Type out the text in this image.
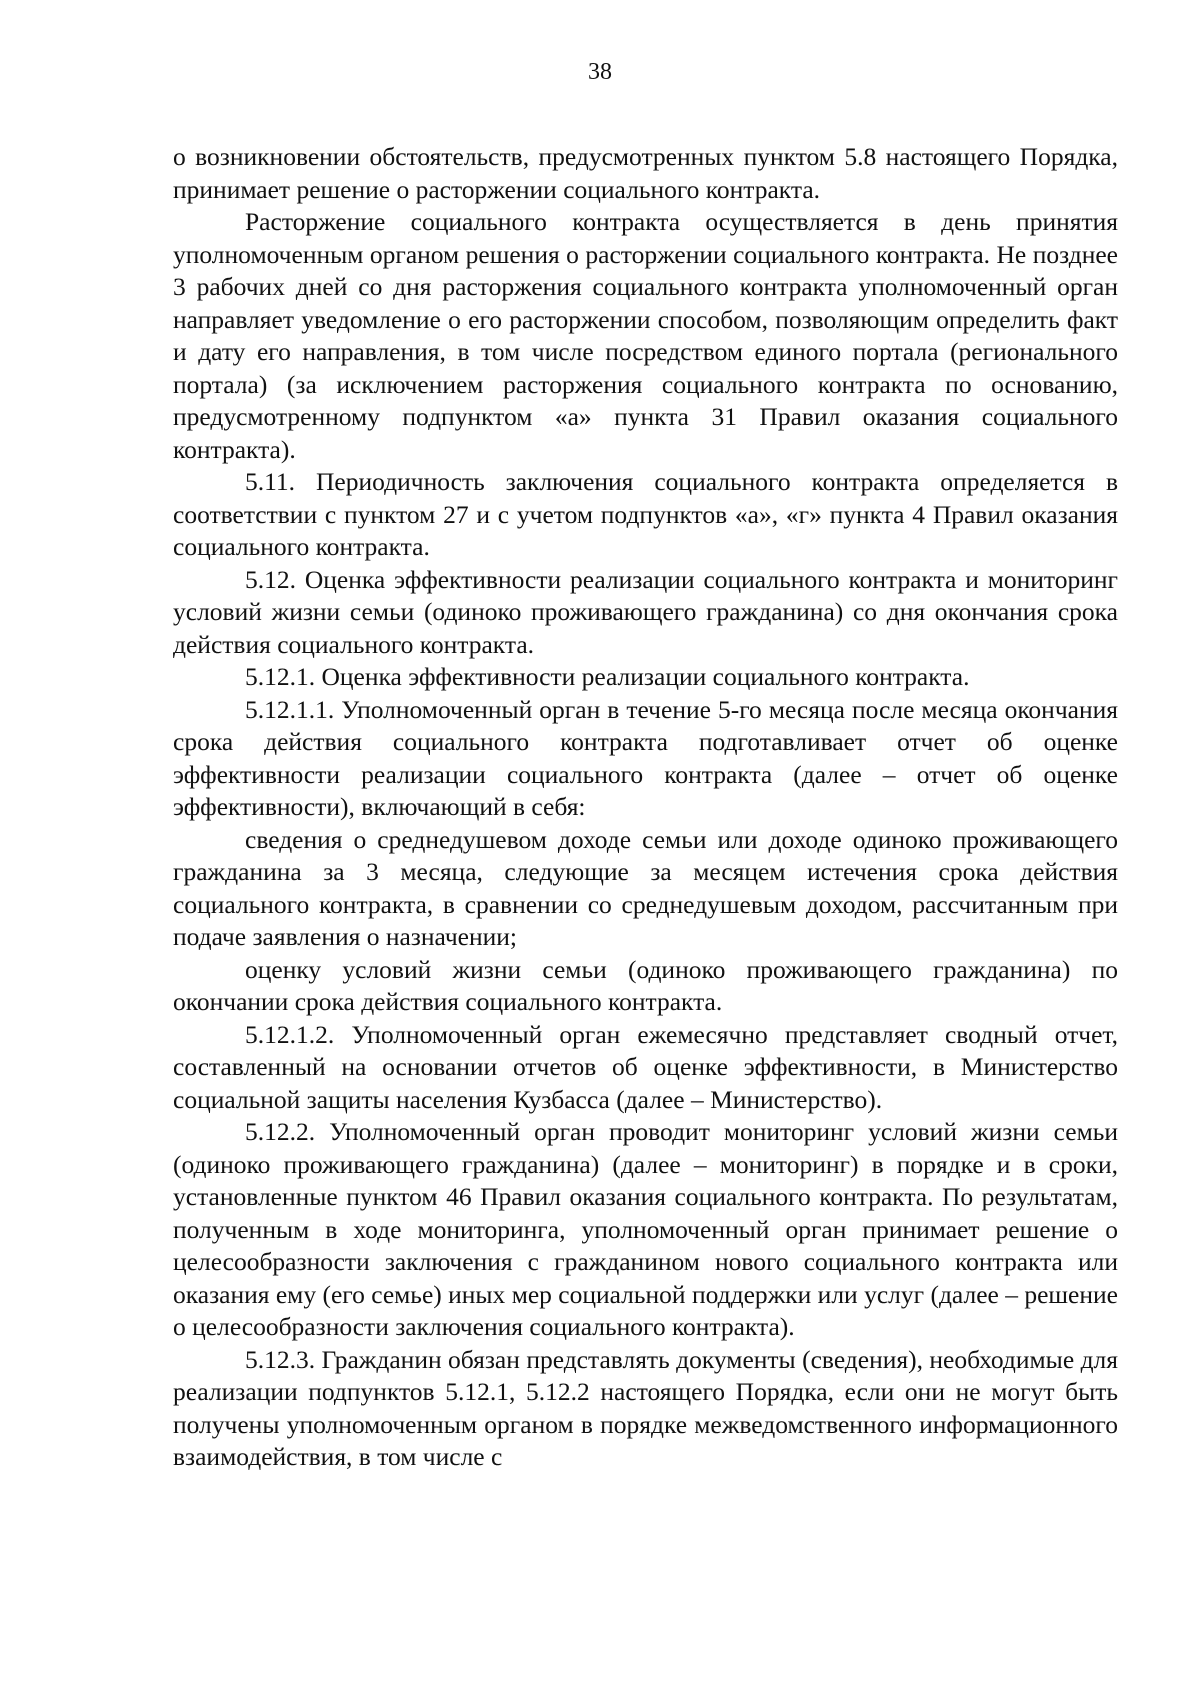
38

о возникновении обстоятельств, предусмотренных пунктом 5.8 настоящего Порядка, принимает решение о расторжении социального контракта.

Расторжение социального контракта осуществляется в день принятия уполномоченным органом решения о расторжении социального контракта. Не позднее 3 рабочих дней со дня расторжения социального контракта уполномоченный орган направляет уведомление о его расторжении способом, позволяющим определить факт и дату его направления, в том числе посредством единого портала (регионального портала) (за исключением расторжения социального контракта по основанию, предусмотренному подпунктом «а» пункта 31 Правил оказания социального контракта).

5.11. Периодичность заключения социального контракта определяется в соответствии с пунктом 27 и с учетом подпунктов «а», «г» пункта 4 Правил оказания социального контракта.

5.12. Оценка эффективности реализации социального контракта и мониторинг условий жизни семьи (одиноко проживающего гражданина) со дня окончания срока действия социального контракта.

5.12.1. Оценка эффективности реализации социального контракта.

5.12.1.1. Уполномоченный орган в течение 5-го месяца после месяца окончания срока действия социального контракта подготавливает отчет об оценке эффективности реализации социального контракта (далее – отчет об оценке эффективности), включающий в себя:

сведения о среднедушевом доходе семьи или доходе одиноко проживающего гражданина за 3 месяца, следующие за месяцем истечения срока действия социального контракта, в сравнении со среднедушевым доходом, рассчитанным при подаче заявления о назначении;

оценку условий жизни семьи (одиноко проживающего гражданина) по окончании срока действия социального контракта.

5.12.1.2. Уполномоченный орган ежемесячно представляет сводный отчет, составленный на основании отчетов об оценке эффективности, в Министерство социальной защиты населения Кузбасса (далее – Министерство).

5.12.2. Уполномоченный орган проводит мониторинг условий жизни семьи (одиноко проживающего гражданина) (далее – мониторинг) в порядке и в сроки, установленные пунктом 46 Правил оказания социального контракта. По результатам, полученным в ходе мониторинга, уполномоченный орган принимает решение о целесообразности заключения с гражданином нового социального контракта или оказания ему (его семье) иных мер социальной поддержки или услуг (далее – решение о целесообразности заключения социального контракта).

5.12.3. Гражданин обязан представлять документы (сведения), необходимые для реализации подпунктов 5.12.1, 5.12.2 настоящего Порядка, если они не могут быть получены уполномоченным органом в порядке межведомственного информационного взаимодействия, в том числе с
